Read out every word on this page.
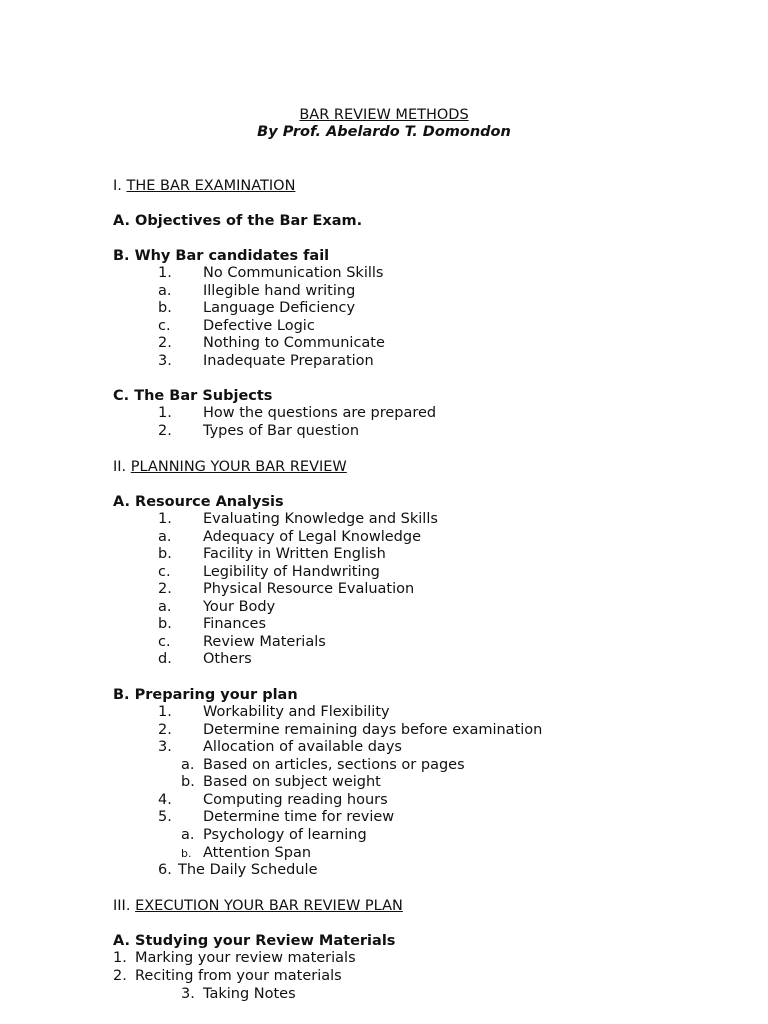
BAR REVIEW METHODS
By Prof. Abelardo T. Domondon
I. THE BAR EXAMINATION
A. Objectives of the Bar Exam.
B. Why Bar candidates fail
1. No Communication Skills
a. Illegible hand writing
b. Language Deficiency
c. Defective Logic
2. Nothing to Communicate
3. Inadequate Preparation
C. The Bar Subjects
1. How the questions are prepared
2. Types of Bar question
II. PLANNING YOUR BAR REVIEW
A. Resource Analysis
1. Evaluating Knowledge and Skills
a. Adequacy of Legal Knowledge
b. Facility in Written English
c. Legibility of Handwriting
2. Physical Resource Evaluation
a. Your Body
b. Finances
c. Review Materials
d. Others
B. Preparing your plan
1. Workability and Flexibility
2. Determine remaining days before examination
3. Allocation of available days
a. Based on articles, sections or pages
b. Based on subject weight
4. Computing reading hours
5. Determine time for review
a. Psychology of learning
b. Attention Span
6. The Daily Schedule
III. EXECUTION YOUR BAR REVIEW PLAN
A. Studying your Review Materials
1. Marking your review materials
2. Reciting from your materials
3. Taking Notes
